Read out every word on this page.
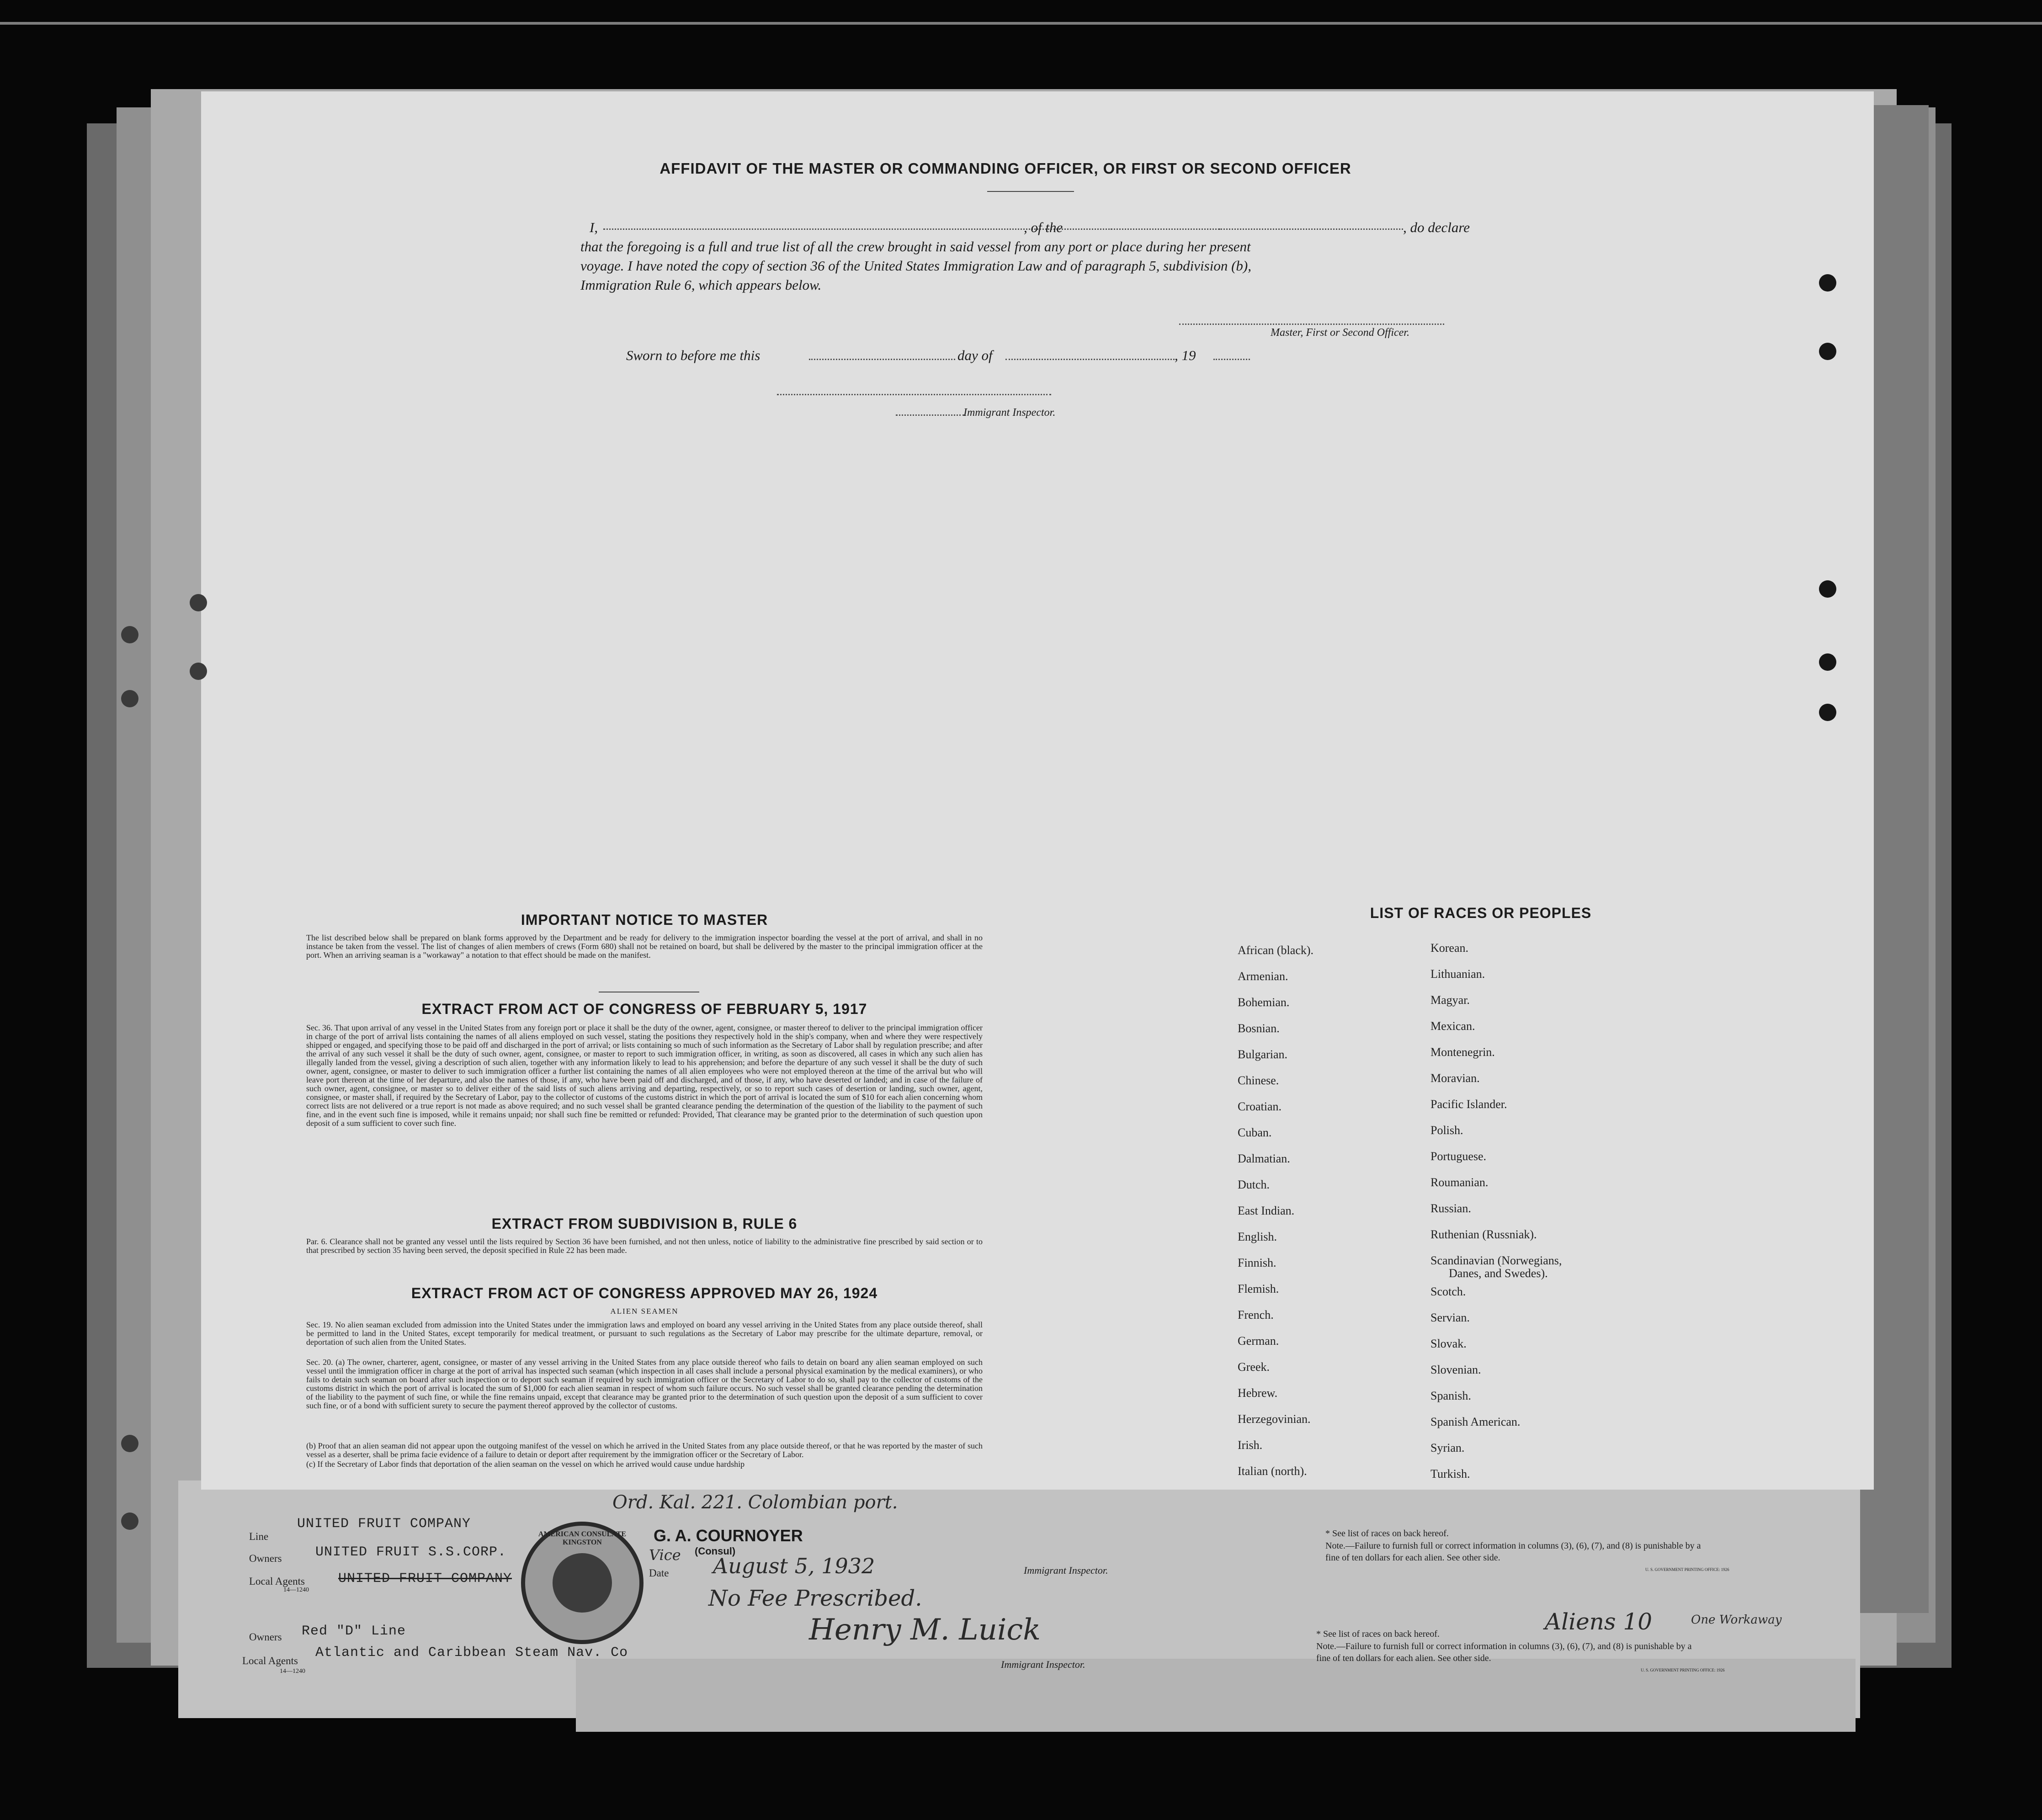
AFFIDAVIT OF THE MASTER OR COMMANDING OFFICER, OR FIRST OR SECOND OFFICER
I,	, of the	, do declare
that the foregoing is a full and true list of all the crew brought in said vessel from any port or place during her present
voyage. I have noted the copy of section 36 of the United States Immigration Law and of paragraph 5, subdivision (b),
Immigration Rule 6, which appears below.
Master, First or Second Officer.
Sworn to before me this	day of	, 19
Immigrant Inspector.
IMPORTANT NOTICE TO MASTER
The list described below shall be prepared on blank forms approved by the Department and be ready for delivery to the immigration inspector boarding the vessel at the port of arrival, and shall in no instance be taken from the vessel. The list of changes of alien members of crews (Form 680) shall not be retained on board, but shall be delivered by the master to the principal immigration officer at the port. When an arriving seaman is a "workaway" a notation to that effect should be made on the manifest.
EXTRACT FROM ACT OF CONGRESS OF FEBRUARY 5, 1917
Sec. 36. That upon arrival of any vessel in the United States from any foreign port or place it shall be the duty of the owner, agent, consignee, or master thereof to deliver to the principal immigration officer in charge of the port of arrival lists containing the names of all aliens employed on such vessel, stating the positions they respectively hold in the ship's company, when and where they were respectively shipped or engaged, and specifying those to be paid off and discharged in the port of arrival; or lists containing so much of such information as the Secretary of Labor shall by regulation prescribe; and after the arrival of any such vessel it shall be the duty of such owner, agent, consignee, or master to report to such immigration officer, in writing, as soon as discovered, all cases in which any such alien has illegally landed from the vessel, giving a description of such alien, together with any information likely to lead to his apprehension; and before the departure of any such vessel it shall be the duty of such owner, agent, consignee, or master to deliver to such immigration officer a further list containing the names of all alien employees who were not employed thereon at the time of the arrival but who will leave port thereon at the time of her departure, and also the names of those, if any, who have been paid off and discharged, and of those, if any, who have deserted or landed; and in case of the failure of such owner, agent, consignee, or master so to deliver either of the said lists of such aliens arriving and departing, respectively, or so to report such cases of desertion or landing, such owner, agent, consignee, or master shall, if required by the Secretary of Labor, pay to the collector of customs of the customs district in which the port of arrival is located the sum of $10 for each alien concerning whom correct lists are not delivered or a true report is not made as above required; and no such vessel shall be granted clearance pending the determination of the question of the liability to the payment of such fine, and in the event such fine is imposed, while it remains unpaid; nor shall such fine be remitted or refunded: Provided, That clearance may be granted prior to the determination of such question upon deposit of a sum sufficient to cover such fine.
EXTRACT FROM SUBDIVISION B, RULE 6
Par. 6. Clearance shall not be granted any vessel until the lists required by Section 36 have been furnished, and not then unless, notice of liability to the administrative fine prescribed by said section or to that prescribed by section 35 having been served, the deposit specified in Rule 22 has been made.
EXTRACT FROM ACT OF CONGRESS APPROVED MAY 26, 1924
ALIEN SEAMEN
Sec. 19. No alien seaman excluded from admission into the United States under the immigration laws and employed on board any vessel arriving in the United States from any place outside thereof, shall be permitted to land in the United States, except temporarily for medical treatment, or pursuant to such regulations as the Secretary of Labor may prescribe for the ultimate departure, removal, or deportation of such alien from the United States.
Sec. 20. (a) The owner, charterer, agent, consignee, or master of any vessel arriving in the United States from any place outside thereof who fails to detain on board any alien seaman employed on such vessel until the immigration officer in charge at the port of arrival has inspected such seaman (which inspection in all cases shall include a personal physical examination by the medical examiners), or who fails to detain such seaman on board after such inspection or to deport such seaman if required by such immigration officer or the Secretary of Labor to do so, shall pay to the collector of customs of the customs district in which the port of arrival is located the sum of $1,000 for each alien seaman in respect of whom such failure occurs. No such vessel shall be granted clearance pending the determination of the liability to the payment of such fine, or while the fine remains unpaid, except that clearance may be granted prior to the determination of such question upon the deposit of a sum sufficient to cover such fine, or of a bond with sufficient surety to secure the payment thereof approved by the collector of customs.
(b) Proof that an alien seaman did not appear upon the outgoing manifest of the vessel on which he arrived in the United States from any place outside thereof, or that he was reported by the master of such vessel as a deserter, shall be prima facie evidence of a failure to detain or deport after requirement by the immigration officer or the Secretary of Labor.
(c) If the Secretary of Labor finds that deportation of the alien seaman on the vessel on which he arrived would cause undue hardship
LIST OF RACES OR PEOPLES
African (black).
Armenian.
Bohemian.
Bosnian.
Bulgarian.
Chinese.
Croatian.
Cuban.
Dalmatian.
Dutch.
East Indian.
English.
Finnish.
Flemish.
French.
German.
Greek.
Hebrew.
Herzegovinian.
Irish.
Italian (north).
Korean.
Lithuanian.
Magyar.
Mexican.
Montenegrin.
Moravian.
Pacific Islander.
Polish.
Portuguese.
Roumanian.
Russian.
Ruthenian (Russniak).
Scandinavian (Norwegians,
Danes, and Swedes).
Scotch.
Servian.
Slovak.
Slovenian.
Spanish.
Spanish American.
Syrian.
Turkish.
Line
UNITED FRUIT COMPANY
Owners UNITED FRUIT S.S.CORP.
Local Agents
14—1240
UNITED FRUIT COMPANY
AMERICAN CONSULATE KINGSTON
Ord. Kal. 221. Colombian port.
G. A. COURNOYER
Vice (Consul)
Date August 5, 1932	Immigrant Inspector.
No Fee Prescribed.
* See list of races on back hereof.
Note.—Failure to furnish full or correct information in columns (3), (6), (7), and (8) is punishable by a fine of ten dollars for each alien. See other side.
U. S. GOVERNMENT PRINTING OFFICE: 1926
Owners Red "D" Line
Local Agents
14—1240
Atlantic and Caribbean Steam Nav. Co
Henry M. Luick
Immigrant Inspector.
Aliens 10	One Workaway
* See list of races on back hereof.
Note.—Failure to furnish full or correct information in columns (3), (6), (7), and (8) is punishable by a fine of ten dollars for each alien. See other side.
U. S. GOVERNMENT PRINTING OFFICE: 1926
